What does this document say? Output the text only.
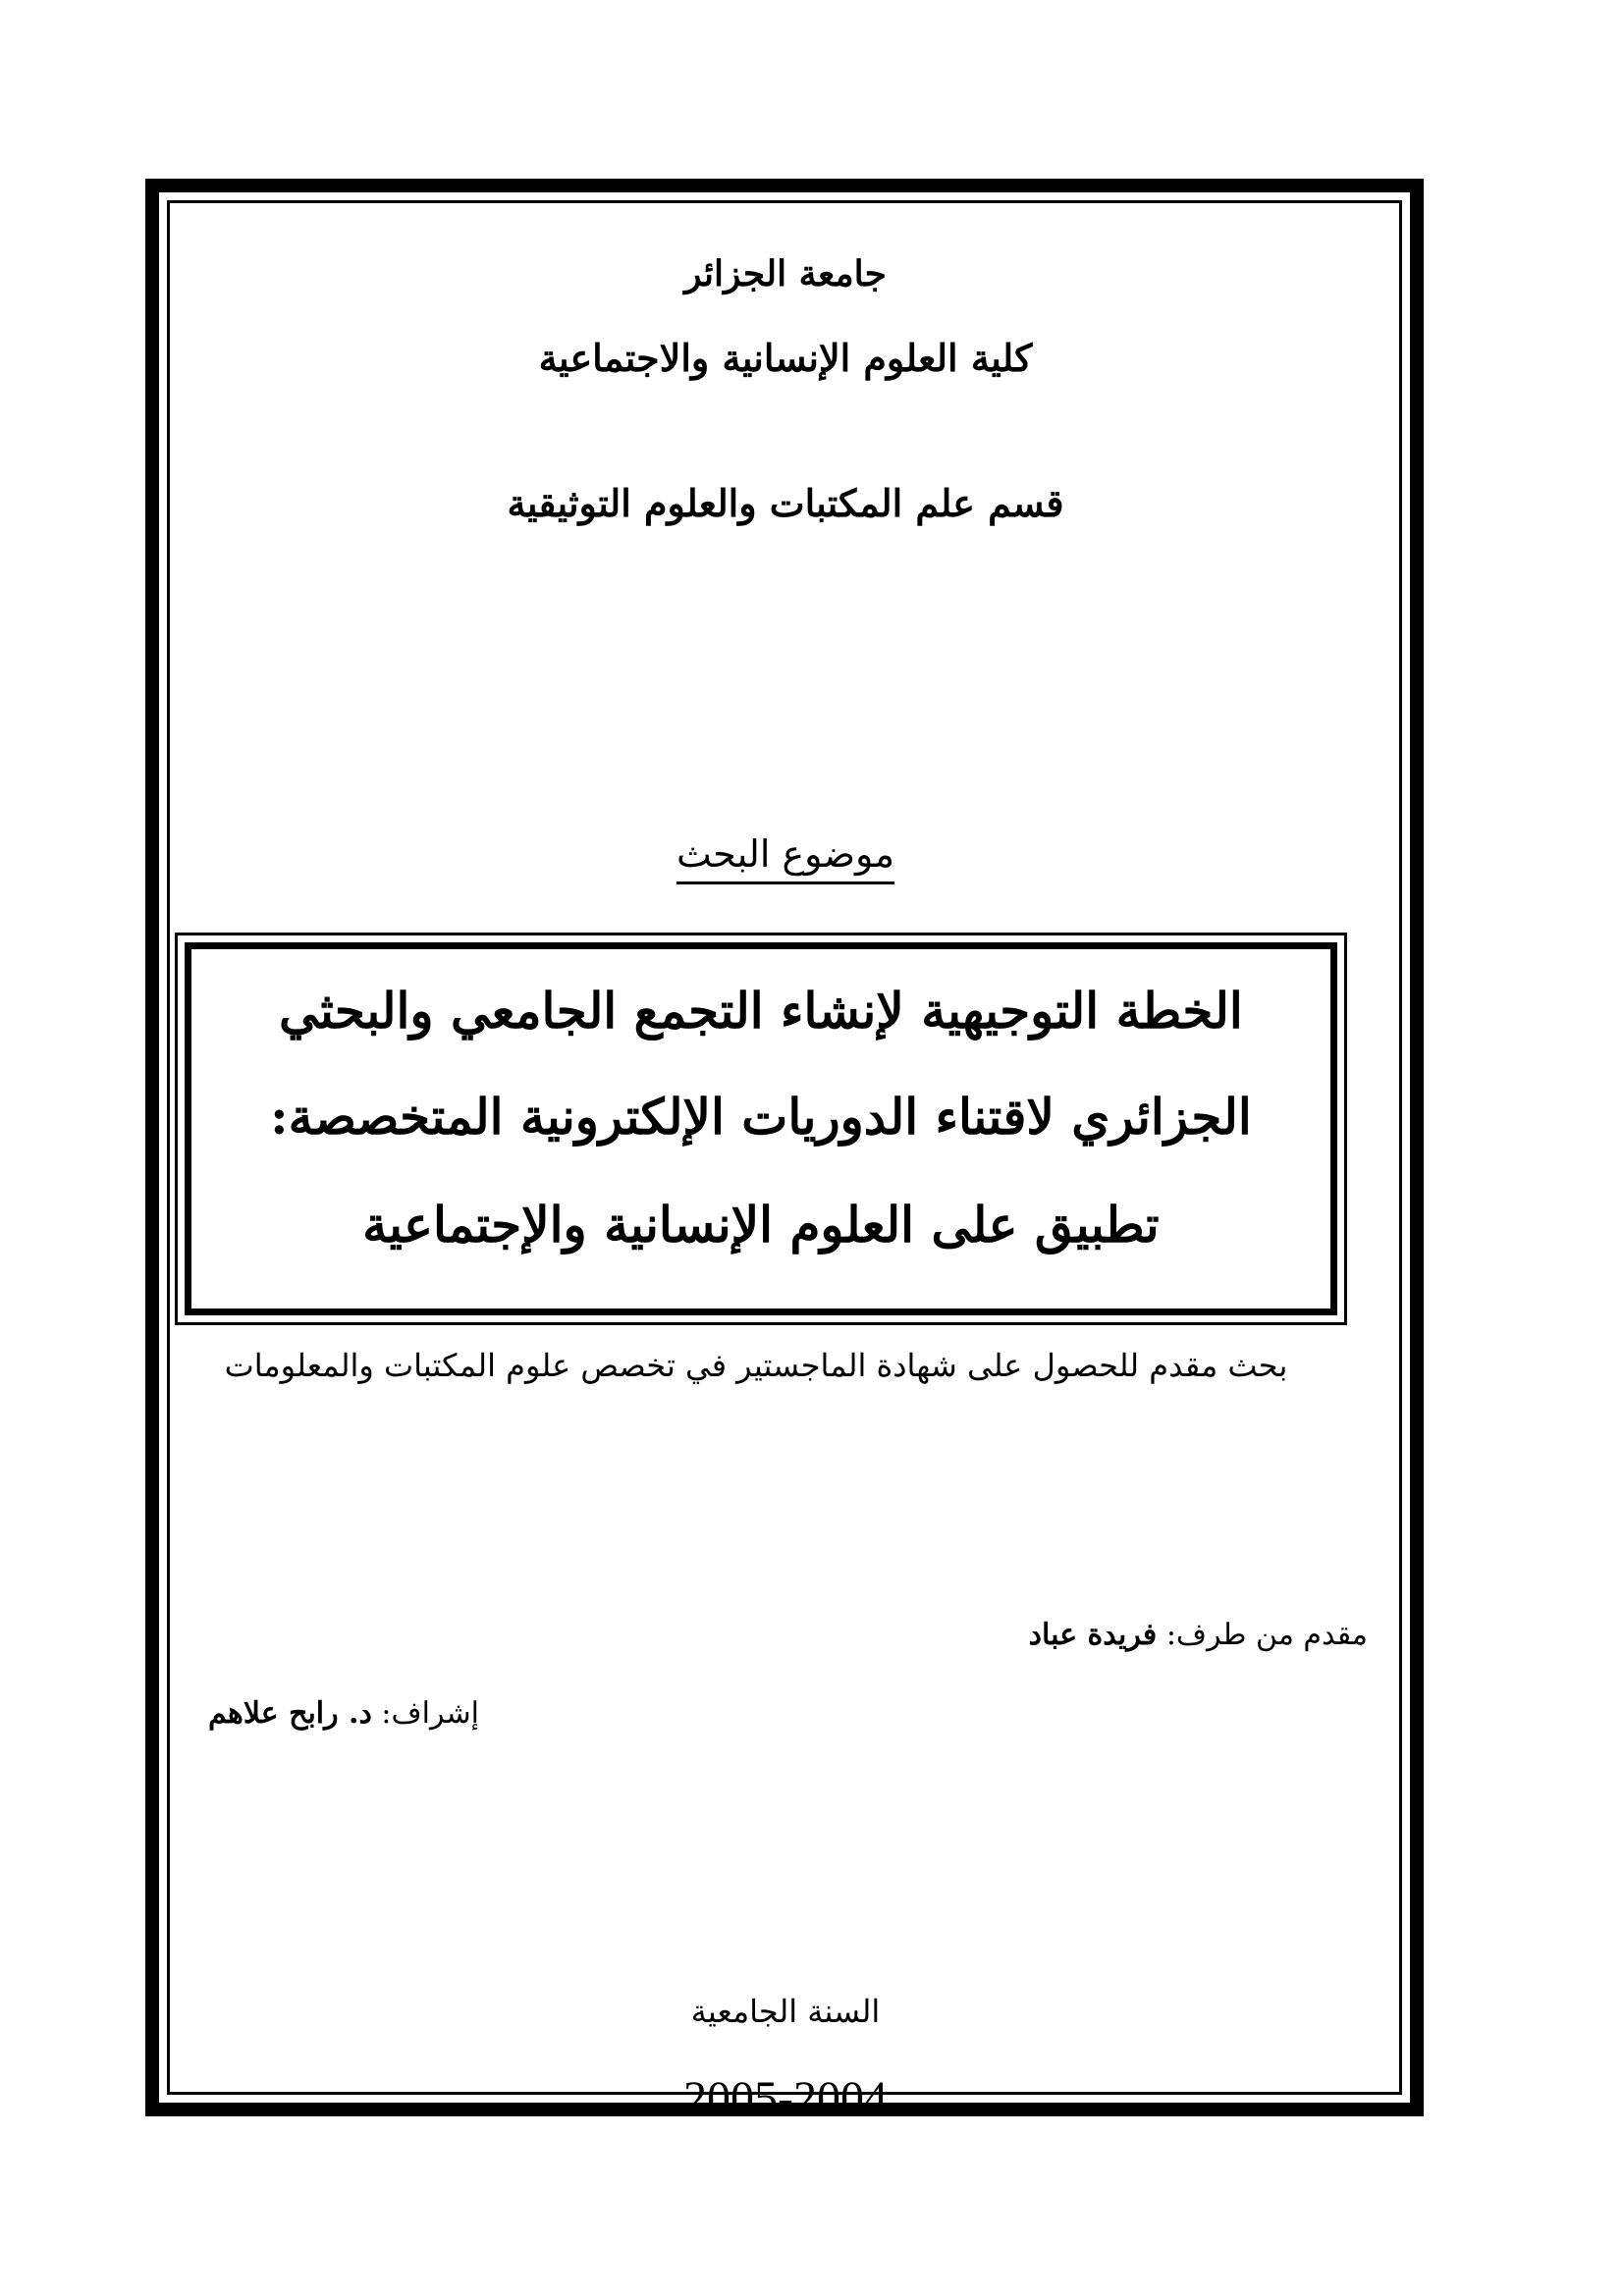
جامعة الجزائر
كلية العلوم الإنسانية والاجتماعية
قسم علم المكتبات والعلوم التوثيقية
موضوع البحث
الخطة التوجيهية لإنشاء التجمع الجامعي والبحثي
الجزائري لاقتناء الدوريات الإلكترونية المتخصصة:
تطبيق على العلوم الإنسانية والإجتماعية
بحث مقدم للحصول على شهادة الماجستير في تخصص علوم المكتبات والمعلومات
مقدم من طرف: فريدة عباد
إشراف: د. رابح علاهم
السنة الجامعية
2005-2004
